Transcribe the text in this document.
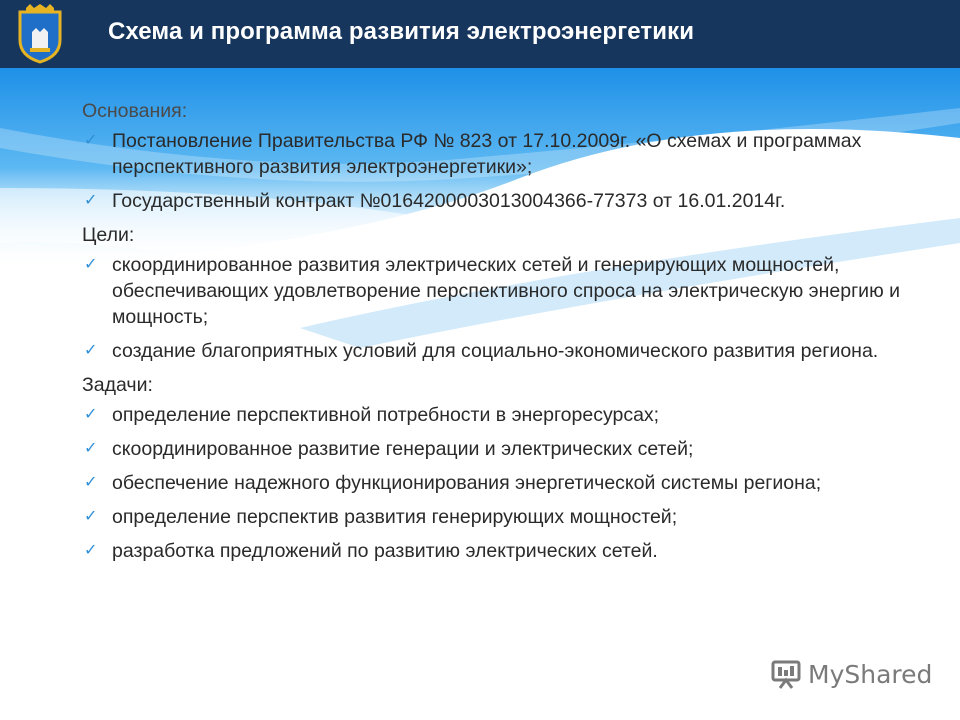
Схема и программа развития электроэнергетики
Основания:
✓ Постановление Правительства РФ № 823 от 17.10.2009г. «О схемах и программах перспективного развития электроэнергетики»;
✓ Государственный контракт №0164200003013004366-77373 от 16.01.2014г.
Цели:
✓ скоординированное развития электрических сетей и генерирующих мощностей, обеспечивающих удовлетворение перспективного спроса на электрическую энергию и мощность;
✓ создание благоприятных условий для социально-экономического развития региона.
Задачи:
✓ определение перспективной потребности в энергоресурсах;
✓ скоординированное развитие генерации и электрических сетей;
✓ обеспечение надежного функционирования энергетической системы региона;
✓ определение перспектив развития генерирующих мощностей;
✓ разработка предложений по развитию электрических сетей.
MyShared
